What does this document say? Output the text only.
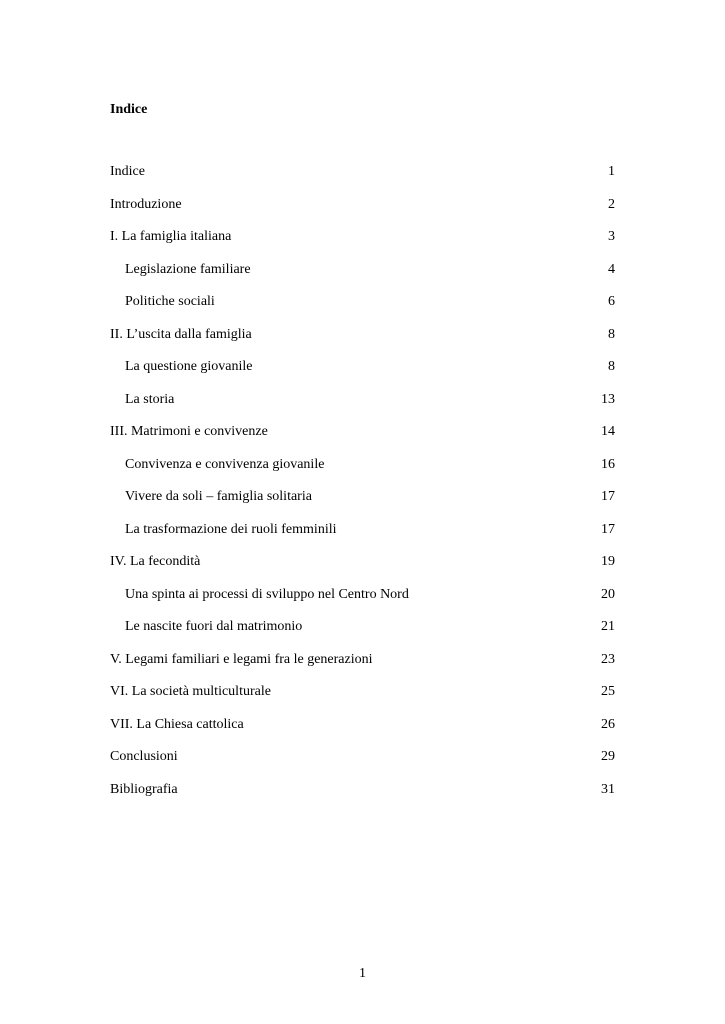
Indice
Indice	1
Introduzione	2
I. La famiglia italiana	3
Legislazione familiare	4
Politiche sociali	6
II. L’uscita dalla famiglia	8
La questione giovanile	8
La storia	13
III. Matrimoni e convivenze	14
Convivenza e convivenza giovanile	16
Vivere da soli – famiglia solitaria	17
La trasformazione dei ruoli femminili	17
IV. La fecondità	19
Una spinta ai processi di sviluppo nel Centro Nord	20
Le nascite fuori dal matrimonio	21
V. Legami familiari e legami fra le generazioni	23
VI. La società multiculturale	25
VII. La Chiesa cattolica	26
Conclusioni	29
Bibliografia	31
1
